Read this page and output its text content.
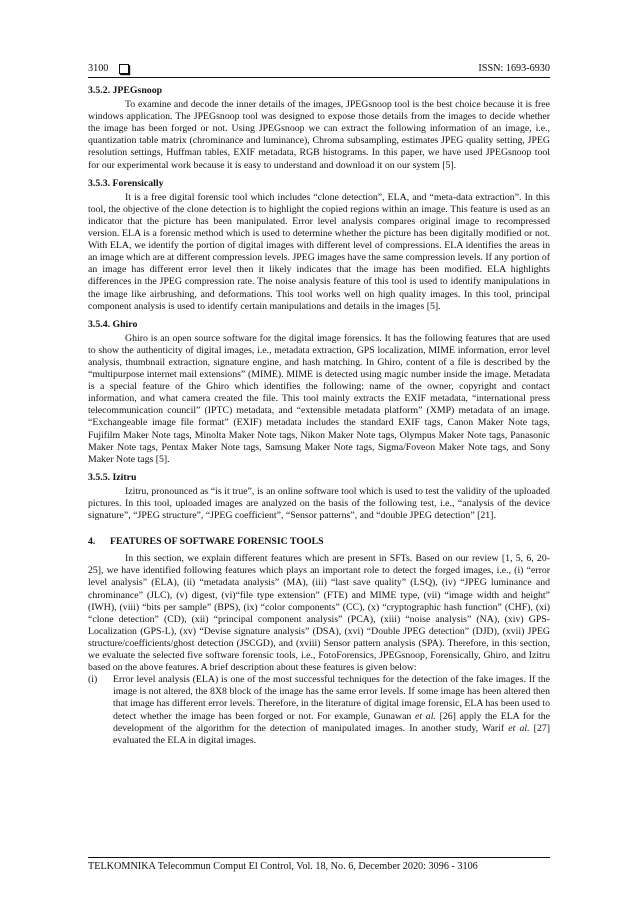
3100	ISSN: 1693-6930
3.5.2. JPEGsnoop

To examine and decode the inner details of the images, JPEGsnoop tool is the best choice because it is free windows application. The JPEGsnoop tool was designed to expose those details from the images to decide whether the image has been forged or not. Using JPEGsnoop we can extract the following information of an image, i.e., quantization table matrix (chrominance and luminance), Chroma subsampling, estimates JPEG quality setting, JPEG resolution settings, Huffman tables, EXIF metadata, RGB histograms. In this paper, we have used JPEGsnoop tool for our experimental work because it is easy to understand and download it on our system [5].

3.5.3. Forensically

It is a free digital forensic tool which includes “clone detection”, ELA, and “meta-data extraction”. In this tool, the objective of the clone detection is to highlight the copied regions within an image. This feature is used as an indicator that the picture has been manipulated. Error level analysis compares original image to recompressed version. ELA is a forensic method which is used to determine whether the picture has been digitally modified or not. With ELA, we identify the portion of digital images with different level of compressions. ELA identifies the areas in an image which are at different compression levels. JPEG images have the same compression levels. If any portion of an image has different error level then it likely indicates that the image has been modified. ELA highlights differences in the JPEG compression rate. The noise analysis feature of this tool is used to identify manipulations in the image like airbrushing, and deformations. This tool works well on high quality images. In this tool, principal component analysis is used to identify certain manipulations and details in the images [5].

3.5.4. Ghiro

Ghiro is an open source software for the digital image forensics. It has the following features that are used to show the authenticity of digital images, i.e., metadata extraction, GPS localization, MIME information, error level analysis, thumbnail extraction, signature engine, and hash matching. In Ghiro, content of a file is described by the “multipurpose internet mail extensions” (MIME). MIME is detected using magic number inside the image. Metadata is a special feature of the Ghiro which identifies the following: name of the owner, copyright and contact information, and what camera created the file. This tool mainly extracts the EXIF metadata, “international press telecommunication council” (IPTC) metadata, and “extensible metadata platform” (XMP) metadata of an image. “Exchangeable image file format” (EXIF) metadata includes the standard EXIF tags, Canon Maker Note tags, Fujifilm Maker Note tags, Minolta Maker Note tags, Nikon Maker Note tags, Olympus Maker Note tags, Panasonic Maker Note tags, Pentax Maker Note tags, Samsung Maker Note tags, Sigma/Foveon Maker Note tags, and Sony Maker Note tags [5].

3.5.5. Izitru

Izitru, pronounced as “is it true”, is an online software tool which is used to test the validity of the uploaded pictures. In this tool, uploaded images are analyzed on the basis of the following test, i.e., “analysis of the device signature”, “JPEG structure”, “JPEG coefficient”, “Sensor patterns”, and “double JPEG detection” [21].

4. FEATURES OF SOFTWARE FORENSIC TOOLS

In this section, we explain different features which are present in SFTs. Based on our review [1, 5, 6, 20-25], we have identified following features which plays an important role to detect the forged images, i.e., (i) “error level analysis” (ELA), (ii) “metadata analysis” (MA), (iii) “last save quality” (LSQ), (iv) “JPEG luminance and chrominance” (JLC), (v) digest, (vi)“file type extension” (FTE) and MIME type, (vii) “image width and height” (IWH), (viii) “bits per sample” (BPS), (ix) “color components” (CC), (x) “cryptographic hash function” (CHF), (xi) “clone detection” (CD), (xii) “principal component analysis” (PCA), (xiii) “noise analysis” (NA), (xiv) GPS-Localization (GPS-L), (xv) “Devise signature analysis” (DSA), (xvi) “Double JPEG detection” (DJD), (xvii) JPEG structure/coefficients/ghost detection (JSCGD), and (xviii) Sensor pattern analysis (SPA). Therefore, in this section, we evaluate the selected five software forensic tools, i.e., FotoForensics, JPEGsnoop, Forensically, Ghiro, and Izitru based on the above features. A brief description about these features is given below:

(i) Error level analysis (ELA) is one of the most successful techniques for the detection of the fake images. If the image is not altered, the 8X8 block of the image has the same error levels. If some image has been altered then that image has different error levels. Therefore, in the literature of digital image forensic, ELA has been used to detect whether the image has been forged or not. For example, Gunawan et al. [26] apply the ELA for the development of the algorithm for the detection of manipulated images. In another study, Warif et al. [27] evaluated the ELA in digital images.
TELKOMNIKA Telecommun Comput El Control, Vol. 18, No. 6, December 2020: 3096 - 3106
